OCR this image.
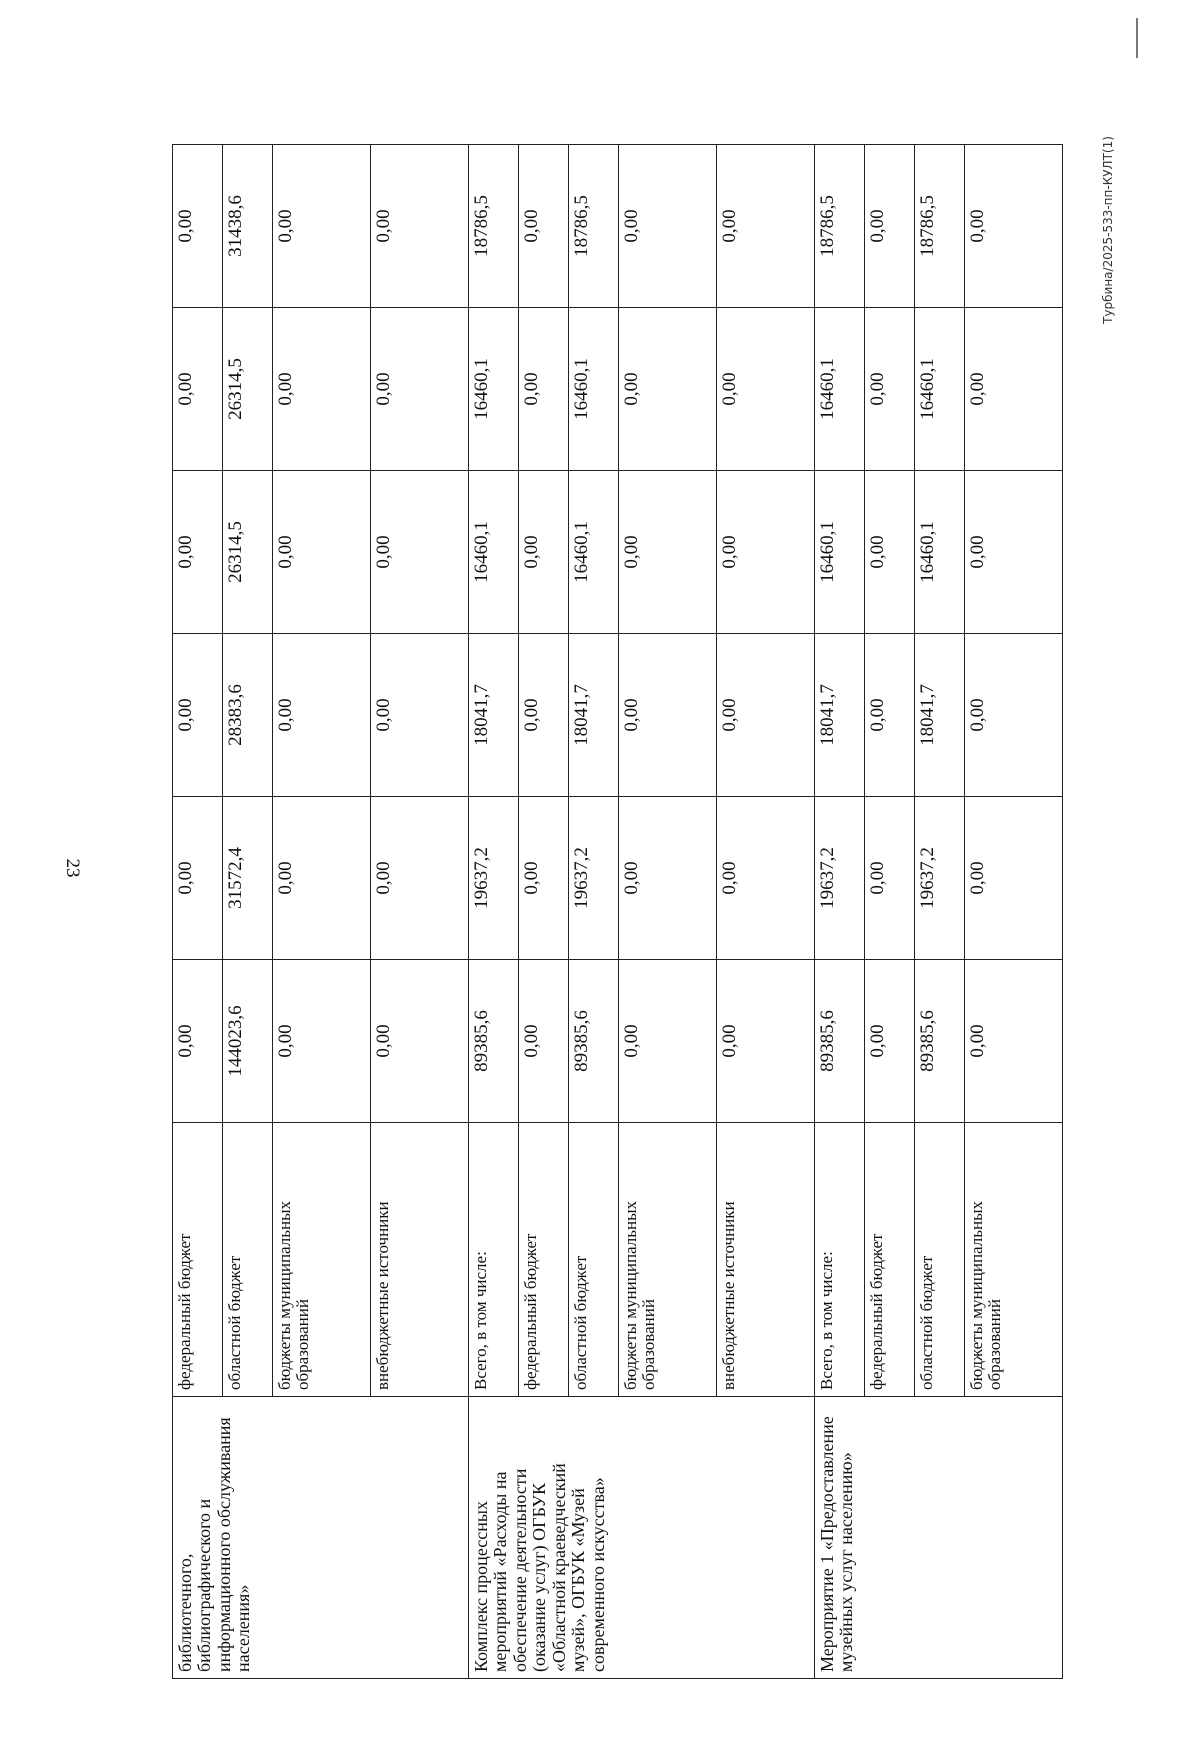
23
Турбина/2025-533-пп-КУЛТ(1)
библиотечного, библиографического и информационного обслуживания населения»	федеральный бюджет	0,00	0,00	0,00	0,00	0,00	0,00
	областной бюджет	144023,6	31572,4	28383,6	26314,5	26314,5	31438,6
	бюджеты муниципальных образований	0,00	0,00	0,00	0,00	0,00	0,00
	внебюджетные источники	0,00	0,00	0,00	0,00	0,00	0,00
Комплекс процессных мероприятий «Расходы на обеспечение деятельности (оказание услуг) ОГБУК «Областной краеведческий музей», ОГБУК «Музей современного искусства»	Всего, в том числе:	89385,6	19637,2	18041,7	16460,1	16460,1	18786,5
	федеральный бюджет	0,00	0,00	0,00	0,00	0,00	0,00
	областной бюджет	89385,6	19637,2	18041,7	16460,1	16460,1	18786,5
	бюджеты муниципальных образований	0,00	0,00	0,00	0,00	0,00	0,00
	внебюджетные источники	0,00	0,00	0,00	0,00	0,00	0,00
Мероприятие 1 «Предоставление музейных услуг населению»	Всего, в том числе:	89385,6	19637,2	18041,7	16460,1	16460,1	18786,5
	федеральный бюджет	0,00	0,00	0,00	0,00	0,00	0,00
	областной бюджет	89385,6	19637,2	18041,7	16460,1	16460,1	18786,5
	бюджеты муниципальных образований	0,00	0,00	0,00	0,00	0,00	0,00
